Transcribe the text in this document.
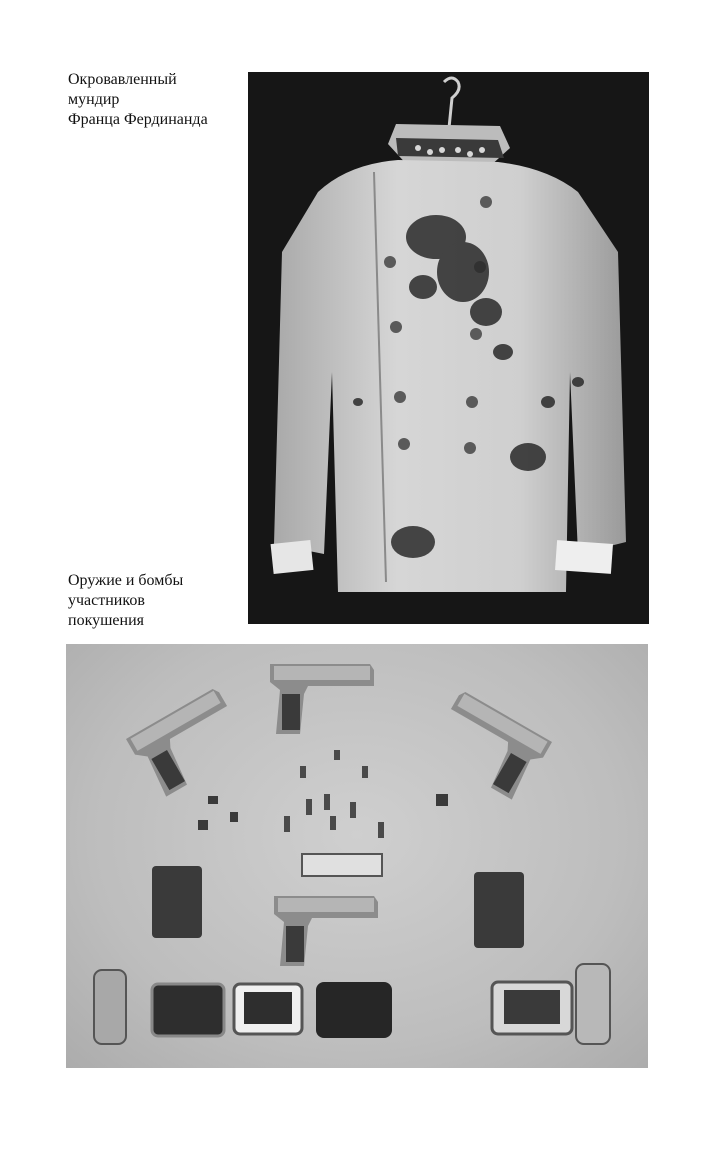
Окровавленный
мундир
Франца Фердинанда
Оружие и бомбы
участников
покушения
